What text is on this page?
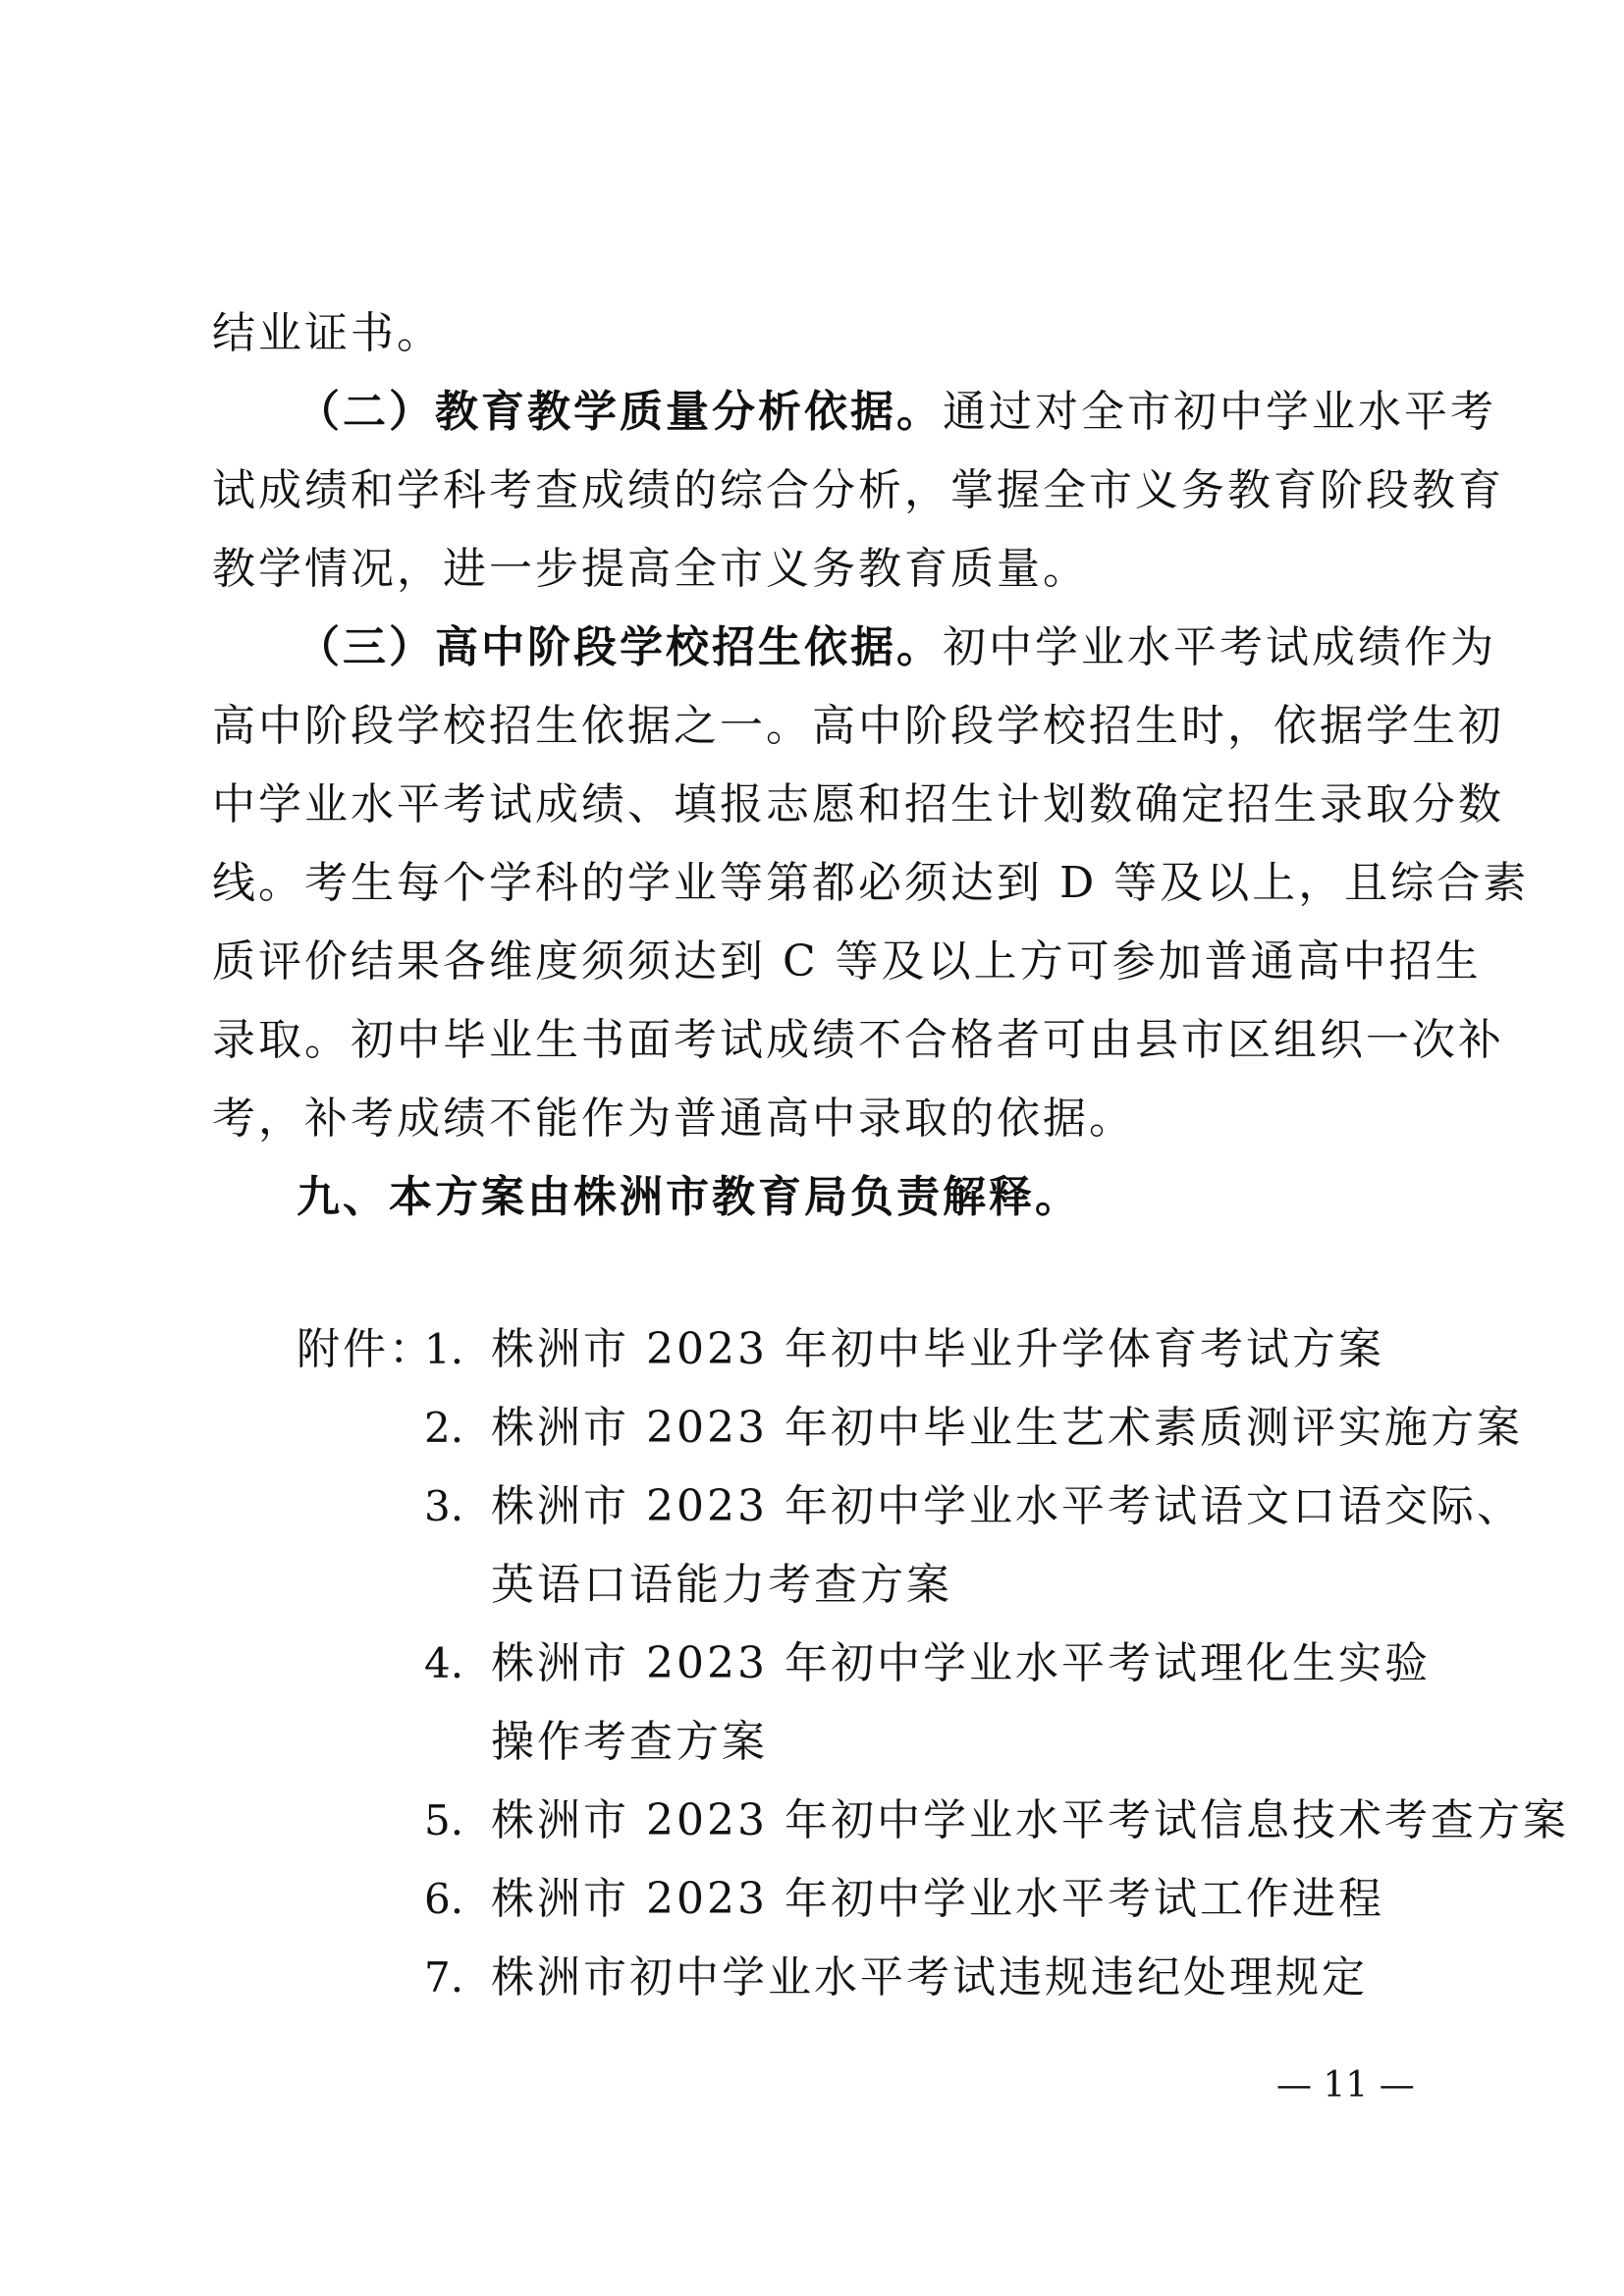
结业证书。
（二）教育教学质量分析依据。通过对全市初中学业水平考
试成绩和学科考查成绩的综合分析，掌握全市义务教育阶段教育
教学情况，进一步提高全市义务教育质量。
（三）高中阶段学校招生依据。初中学业水平考试成绩作为
高中阶段学校招生依据之一。高中阶段学校招生时，依据学生初
中学业水平考试成绩、填报志愿和招生计划数确定招生录取分数
线。考生每个学科的学业等第都必须达到 D 等及以上，且综合素
质评价结果各维度须须达到 C 等及以上方可参加普通高中招生
录取。初中毕业生书面考试成绩不合格者可由县市区组织一次补
考，补考成绩不能作为普通高中录取的依据。
九、本方案由株洲市教育局负责解释。
附件：
1. 株洲市 2023 年初中毕业升学体育考试方案
2. 株洲市 2023 年初中毕业生艺术素质测评实施方案
3. 株洲市 2023 年初中学业水平考试语文口语交际、
英语口语能力考查方案
4. 株洲市 2023 年初中学业水平考试理化生实验
操作考查方案
5. 株洲市 2023 年初中学业水平考试信息技术考查方案
6. 株洲市 2023 年初中学业水平考试工作进程
7. 株洲市初中学业水平考试违规违纪处理规定
— 11 —
